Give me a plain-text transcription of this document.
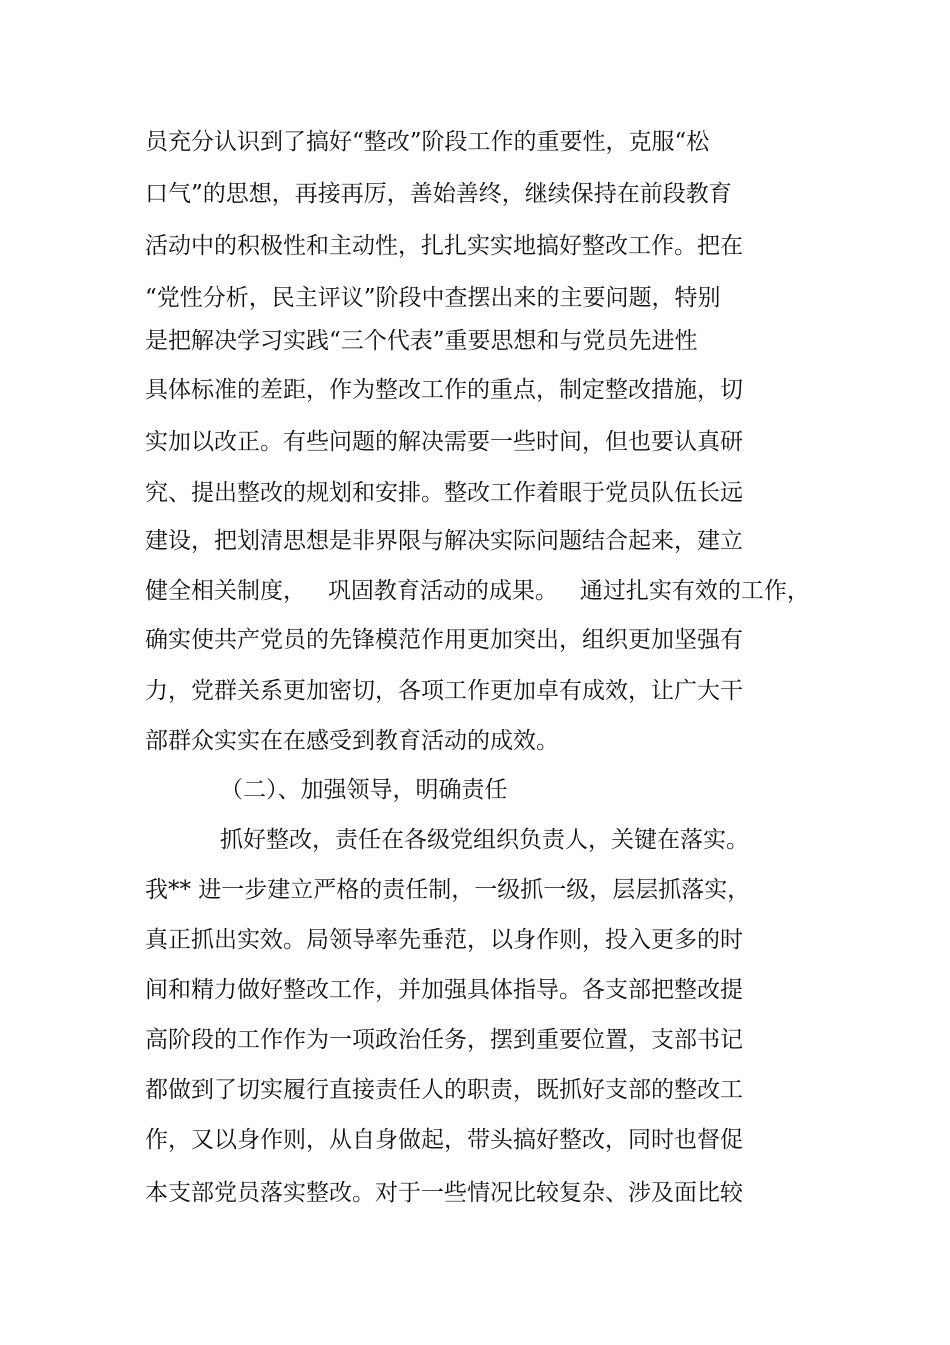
员充分认识到了搞好“整改”阶段工作的重要性，克服“松

口气”的思想，再接再厉，善始善终，继续保持在前段教育

活动中的积极性和主动性，扎扎实实地搞好整改工作。把在

“党性分析，民主评议”阶段中查摆出来的主要问题，特别

是把解决学习实践“三个代表”重要思想和与党员先进性

具体标准的差距，作为整改工作的重点，制定整改措施，切

实加以改正。有些问题的解决需要一些时间，但也要认真研

究、提出整改的规划和安排。整改工作着眼于党员队伍长远

建设，把划清思想是非界限与解决实际问题结合起来，建立

健全相关制度，   巩固教育活动的成果。   通过扎实有效的工作，

确实使共产党员的先锋模范作用更加突出，组织更加坚强有

力，党群关系更加密切，各项工作更加卓有成效，让广大干

部群众实实在在感受到教育活动的成效。

（二）、加强领导，明确责任

抓好整改，责任在各级党组织负责人，关键在落实。

我** 进一步建立严格的责任制，一级抓一级，层层抓落实，

真正抓出实效。局领导率先垂范，以身作则，投入更多的时

间和精力做好整改工作，并加强具体指导。各支部把整改提

高阶段的工作作为一项政治任务，摆到重要位置，支部书记

都做到了切实履行直接责任人的职责，既抓好支部的整改工

作，又以身作则，从自身做起，带头搞好整改，同时也督促

本支部党员落实整改。对于一些情况比较复杂、涉及面比较
